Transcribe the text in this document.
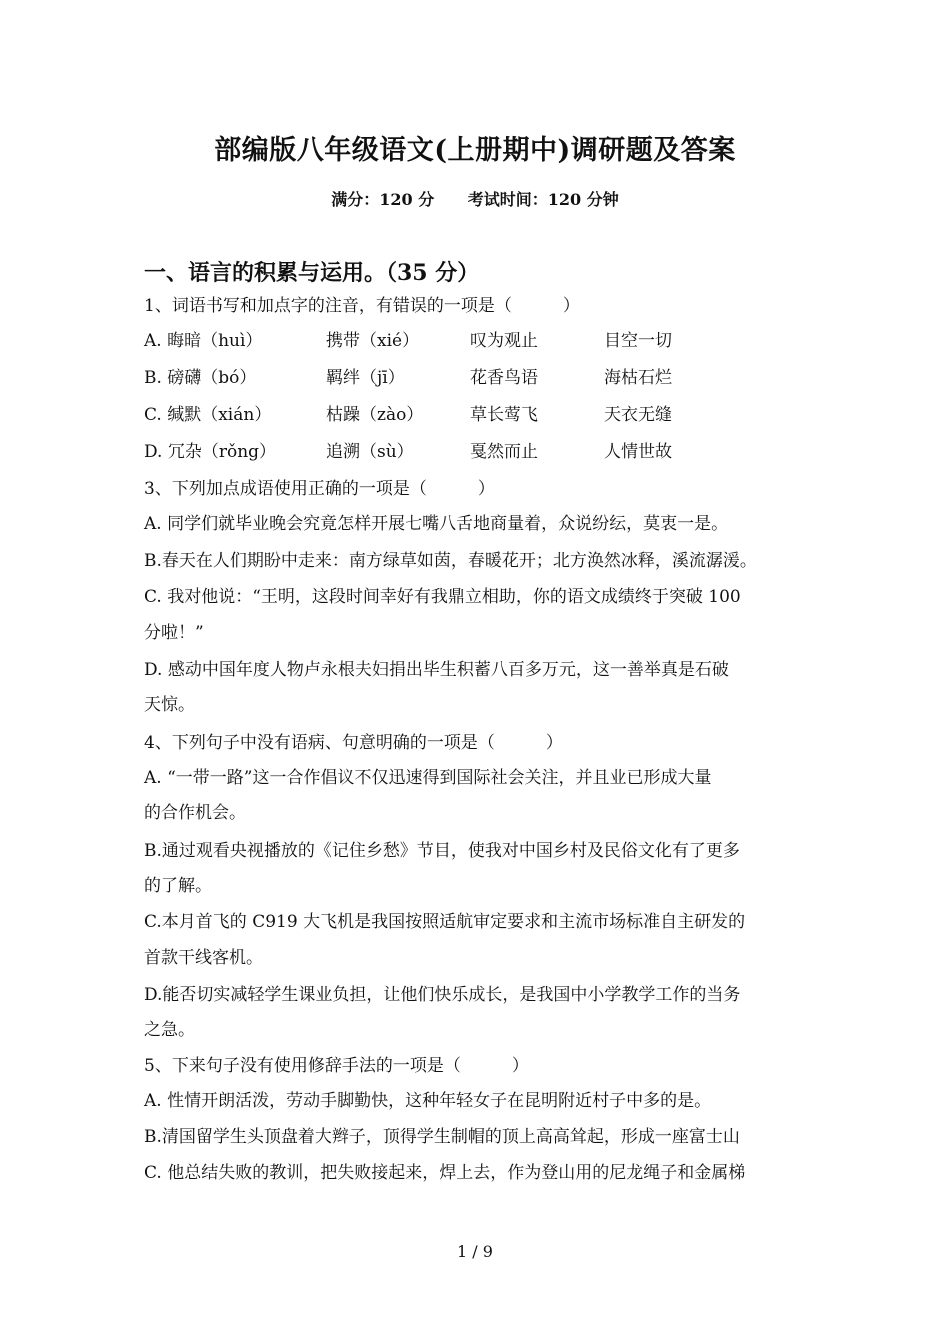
部编版八年级语文(上册期中)调研题及答案
满分：120 分 考试时间：120 分钟
一、语言的积累与运用。（35 分）
1、词语书写和加点字的注音，有错误的一项是（　　　）
A. 晦暗（huì）	携带（xié）	叹为观止	目空一切
B. 磅礴（bó）	羁绊（jī）	花香鸟语	海枯石烂
C. 缄默（xián）	枯躁（zào）	草长莺飞	天衣无缝
D. 冗杂（rǒng）	追溯（sù）	戛然而止	人情世故
3、下列加点成语使用正确的一项是（　　　）
A. 同学们就毕业晚会究竟怎样开展七嘴八舌地商量着，众说纷纭，莫衷一是。
B.春天在人们期盼中走来：南方绿草如茵，春暖花开；北方涣然冰释，溪流潺湲。
C. 我对他说：“王明，这段时间幸好有我鼎立相助，你的语文成绩终于突破 100
分啦！”
D. 感动中国年度人物卢永根夫妇捐出毕生积蓄八百多万元，这一善举真是石破
天惊。
4、下列句子中没有语病、句意明确的一项是（　　　）
A. “一带一路”这一合作倡议不仅迅速得到国际社会关注，并且业已形成大量
的合作机会。
B.通过观看央视播放的《记住乡愁》节目，使我对中国乡村及民俗文化有了更多
的了解。
C.本月首飞的 C919 大飞机是我国按照适航审定要求和主流市场标准自主研发的
首款干线客机。
D.能否切实减轻学生课业负担，让他们快乐成长，是我国中小学教学工作的当务
之急。
5、下来句子没有使用修辞手法的一项是（　　　）
A. 性情开朗活泼，劳动手脚勤快，这种年轻女子在昆明附近村子中多的是。
B.清国留学生头顶盘着大辫子，顶得学生制帽的顶上高高耸起，形成一座富士山
C. 他总结失败的教训，把失败接起来，焊上去，作为登山用的尼龙绳子和金属梯
1 / 9
